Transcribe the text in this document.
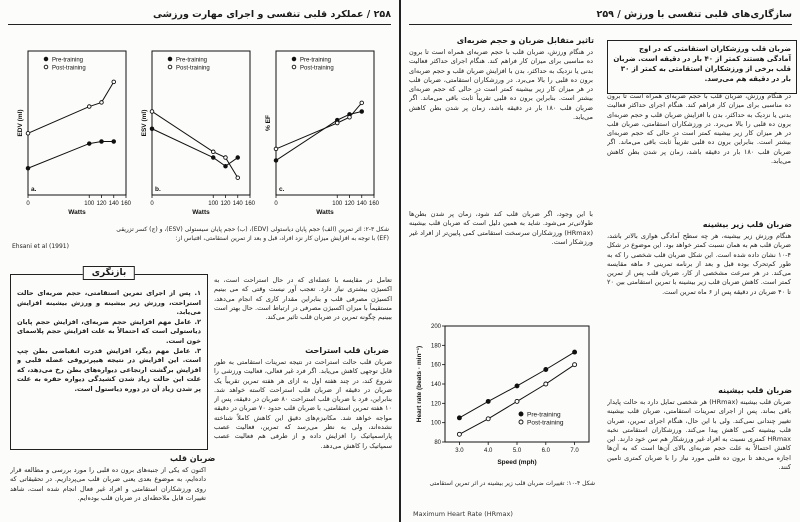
۲۵۸ / عملکرد قلبی تنفسی و اجرای مهارت ورزشی
0	100 120 140 160
Watts
EDV (ml)
Pre-training
Post-training
a.
0	100 120 140 160
Watts
ESV (ml)
Pre-training
Post-training
b.
0	100 120 140 160
Watts
% EF
Pre-training
Post-training
c.
شکل ۳-۲: اثر تمرین (الف) حجم پایان دیاستولی (EDV)، (ب) حجم پایان سیستولی (ESV)، و (ج) کسر تزریقی
(EF) با توجه به افزایش میزان کار نزد افراد، قبل و بعد از تمرین استقامتی، اقتباس از:
Ehsani et al (1991)
بازنگری
۱. پس از اجرای تمرین استقامتی، حجم ضربه‌ای حالت استراحت، ورزش زیر بیشینه و ورزش بیشینه افزایش می‌یابد.
۲. عامل مهم افزایش حجم ضربه‌ای، افزایش حجم پایان دیاستولی است که احتمالاً به علت افزایش حجم پلاسمای خون است.
۳. عامل مهم دیگر، افزایش قدرت انقباضی بطن چپ است. این افزایش در نتیجه هیپرتروفی عضله قلبی و افزایش برگشت ارتجاعی دیواره‌های بطن رخ می‌دهد، که علت این حالت زیاد شدن کشیدگی دیواره حفره به علت پر شدن زیاد آن در دوره دیاستول است.
تعامل در مقایسه با عضله‌ای که در حال استراحت است، به اکسیژن بیشتری نیاز دارد. تعجب آور نیست وقتی که می بینیم اکسیژن مصرفی قلب و بنابراین مقدار کاری که انجام می‌دهد، مستقیماً با میزان اکسیژن مصرفی در ارتباط است. حال بهتر است ببینیم چگونه تمرین در ضربان قلب تاثیر می‌کند.
ضربان قلب استراحت
ضربان قلب حالت استراحت در نتیجه تمرینات استقامتی به طور قابل توجهی کاهش می‌یابد. اگر فرد غیر فعالی، فعالیت ورزشی را شروع کند، در چند هفته اول به ازای هر هفته تمرین تقریباً یک ضربان در دقیقه از ضربان قلب استراحت کاسته خواهد شد. بنابراین، فرد با ضربان قلب استراحت ۸۰ ضربان در دقیقه، پس از ۱۰ هفته تمرین استقامتی، با ضربان قلب حدود ۷۰ ضربان در دقیقه مواجه خواهد شد. مکانیزم‌های دقیق این کاهش کاملاً شناخته نشده‌اند، ولی به نظر می‌رسد که تمرین، فعالیت عصب پاراسمپاتیک را افزایش داده و از طرفی هم فعالیت عصب سمپاتیک را کاهش می‌دهد.
ضربان قلب
اکنون که یکی از جنبه‌های برون ده قلبی را مورد بررسی و مطالعه قرار داده‌ایم، به موضوع بعدی یعنی ضربان قلب می‌پردازیم. در تحقیقاتی که روی ورزشکاران استقامتی و افراد غیر فعال انجام شده است، شاهد تغییرات قابل ملاحظه‌ای در ضربان قلب بوده‌ایم.
سازگاری‌های قلبی تنفسی با ورزش / ۲۵۹
ضربان قلب ورزشکاران استقامتی که در اوج آمادگی هستند کمتر از ۴۰ بار در دقیقه است. ضربان قلب برخی از ورزشکاران استقامتی به کمتر از ۳۰ بار در دقیقه هم می‌رسد.
تاثیر متقابل ضربان و حجم ضربه‌ای
در هنگام ورزش، ضربان قلب با حجم ضربه‌ای همراه است تا برون ده مناسبی برای میزان کار فراهم کند. هنگام اجرای حداکثر فعالیت بدنی یا نزدیک به حداکثر، بدن با افزایش ضربان قلب و حجم ضربه‌ای برون ده قلبی را بالا می‌برد. در ورزشکاران استقامتی، ضربان قلب در هر میزان کار زیر بیشینه کمتر است در حالی که حجم ضربه‌ای بیشتر است. بنابراین برون ده قلبی تقریباً ثابت باقی می‌ماند. اگر ضربان قلب ۱۸۰ بار در دقیقه باشد، زمان پر شدن بطن کاهش می‌یابد.
با این وجود، اگر ضربان قلب کند شود، زمان پر شدن بطن‌ها طولانی‌تر می‌شود. شاید به همین دلیل است که ضربان قلب بیشینه (HRmax) ورزشکاران سرسخت استقامتی کمی پایین‌تر از افراد غیر ورزشکار است.
در هنگام ورزش، ضربان قلب با حجم ضربه‌ای همراه است تا برون ده مناسبی برای میزان کار فراهم کند. هنگام اجرای حداکثر فعالیت بدنی یا نزدیک به حداکثر، بدن با افزایش ضربان قلب و حجم ضربه‌ای برون ده قلبی را بالا می‌برد. در ورزشکاران استقامتی، ضربان قلب در هر میزان کار زیر بیشینه کمتر است در حالی که حجم ضربه‌ای بیشتر است. بنابراین برون ده قلبی تقریباً ثابت باقی می‌ماند. اگر ضربان قلب ۱۸۰ بار در دقیقه باشد، زمان پر شدن بطن کاهش می‌یابد.
ضربان قلب زیر بیشینه
هنگام ورزش زیر بیشینه، هر چه سطح آمادگی هوازی بالاتر باشد، ضربان قلب هم به همان نسبت کمتر خواهد بود. این موضوع در شکل ۴-۱۰ نشان داده شده است. این شکل ضربان قلب شخصی را که به طور کم‌تحرک بوده قبل و بعد از برنامه تمرینی ۶ ماهه مقایسه می‌کند. در هر سرعت مشخصی از کار، ضربان قلب پس از تمرین کمتر است. کاهش ضربان قلب زیر بیشینه با تمرین استقامتی بین ۲۰ تا ۴۰ ضربان در دقیقه پس از ۶ ماه تمرین است.
3.0	4.0	5.0	6.0	7.0
80
100
120
140
160
180
200
Speed (mph)
Heart rate (beats · min⁻¹)	Pre-training
Post-training
شکل ۴-۱۰: تغییرات ضربان قلب زیر بیشینه در اثر تمرین استقامتی
ضربان قلب بیشینه
ضربان قلب بیشینه (HRmax) هر شخصی تمایل دارد به حالت پایدار باقی بماند. پس از اجرای تمرینات استقامتی، ضربان قلب بیشینه تغییر چندانی نمی‌کند. ولی با این حال، هنگام اجرای تمرین، ضربان قلب بیشینه کمی کاهش پیدا می‌کند. ورزشکاران استقامتی نخبه HRmax کمتری نسبت به افراد غیر ورزشکار هم سن خود دارند. این کاهش احتمالاً به علت حجم ضربه‌ای بالای آن‌ها است که به آن‌ها اجازه می‌دهد تا برون ده قلبی مورد نیاز را با ضربان کمتری تامین کنند.
Maximum Heart Rate (HRmax)
